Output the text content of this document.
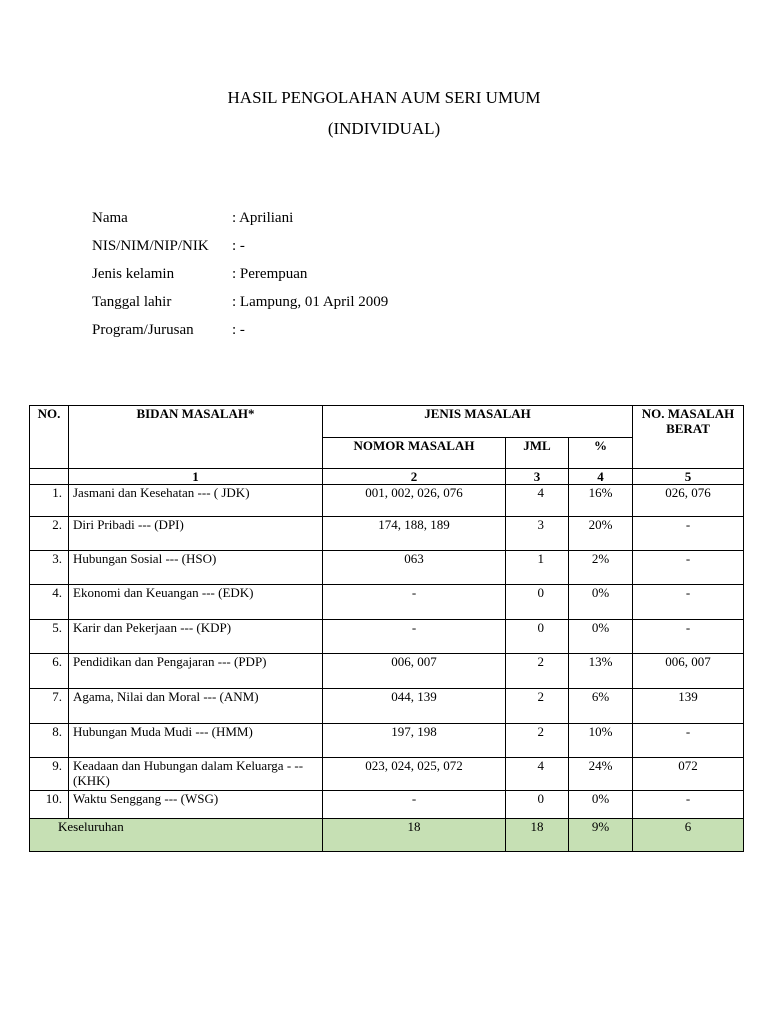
HASIL PENGOLAHAN AUM SERI UMUM
(INDIVIDUAL)
Nama	: Apriliani
NIS/NIM/NIP/NIK	: -
Jenis kelamin	: Perempuan
Tanggal lahir	: Lampung, 01 April 2009
Program/Jurusan	: -
NO.	BIDAN MASALAH*	JENIS MASALAH			NO. MASALAH BERAT
		NOMOR MASALAH	JML	%	
	1	2	3	4	5
1.	Jasmani dan Kesehatan --- ( JDK)	001, 002, 026, 076	4	16%	026, 076
2.	Diri Pribadi --- (DPI)	174, 188, 189	3	20%	-
3.	Hubungan Sosial --- (HSO)	063	1	2%	-
4.	Ekonomi dan Keuangan --- (EDK)	-	0	0%	-
5.	Karir dan Pekerjaan --- (KDP)	-	0	0%	-
6.	Pendidikan dan Pengajaran --- (PDP)	006, 007	2	13%	006, 007
7.	Agama, Nilai dan Moral --- (ANM)	044, 139	2	6%	139
8.	Hubungan Muda Mudi --- (HMM)	197, 198	2	10%	-
9.	Keadaan dan Hubungan dalam Keluarga - -- (KHK)	023, 024, 025, 072	4	24%	072
10.	Waktu Senggang --- (WSG)	-	0	0%	-
Keseluruhan		18	18	9%	6
